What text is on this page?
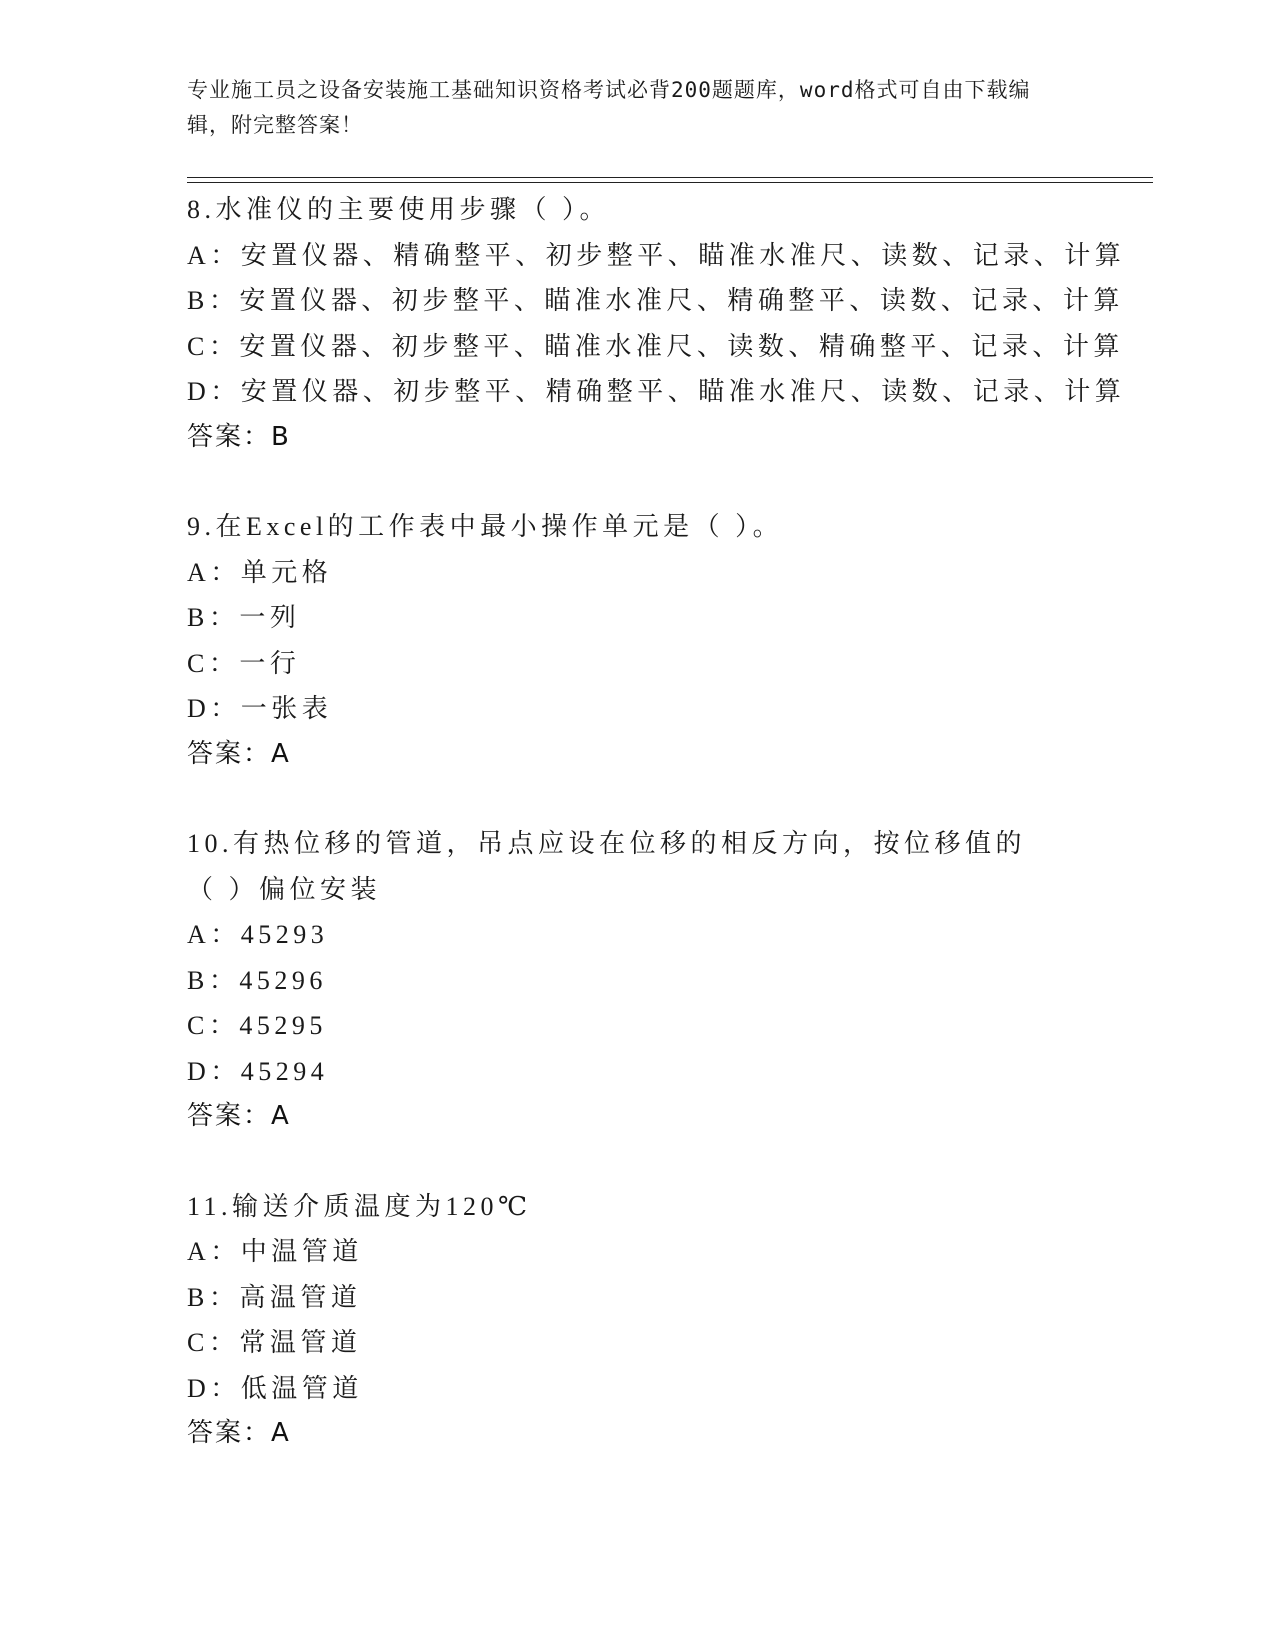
专业施工员之设备安装施工基础知识资格考试必背200题题库，word格式可自由下载编辑，附完整答案！
8.水准仪的主要使用步骤（ ）。
A：安置仪器、精确整平、初步整平、瞄准水准尺、读数、记录、计算
B：安置仪器、初步整平、瞄准水准尺、精确整平、读数、记录、计算
C：安置仪器、初步整平、瞄准水准尺、读数、精确整平、记录、计算
D：安置仪器、初步整平、精确整平、瞄准水准尺、读数、记录、计算
答案：B
9.在Excel的工作表中最小操作单元是（ ）。
A：单元格
B：一列
C：一行
D：一张表
答案：A
10.有热位移的管道，吊点应设在位移的相反方向，按位移值的（ ）偏位安装
A：45293
B：45296
C：45295
D：45294
答案：A
11.输送介质温度为120℃
A：中温管道
B：高温管道
C：常温管道
D：低温管道
答案：A
